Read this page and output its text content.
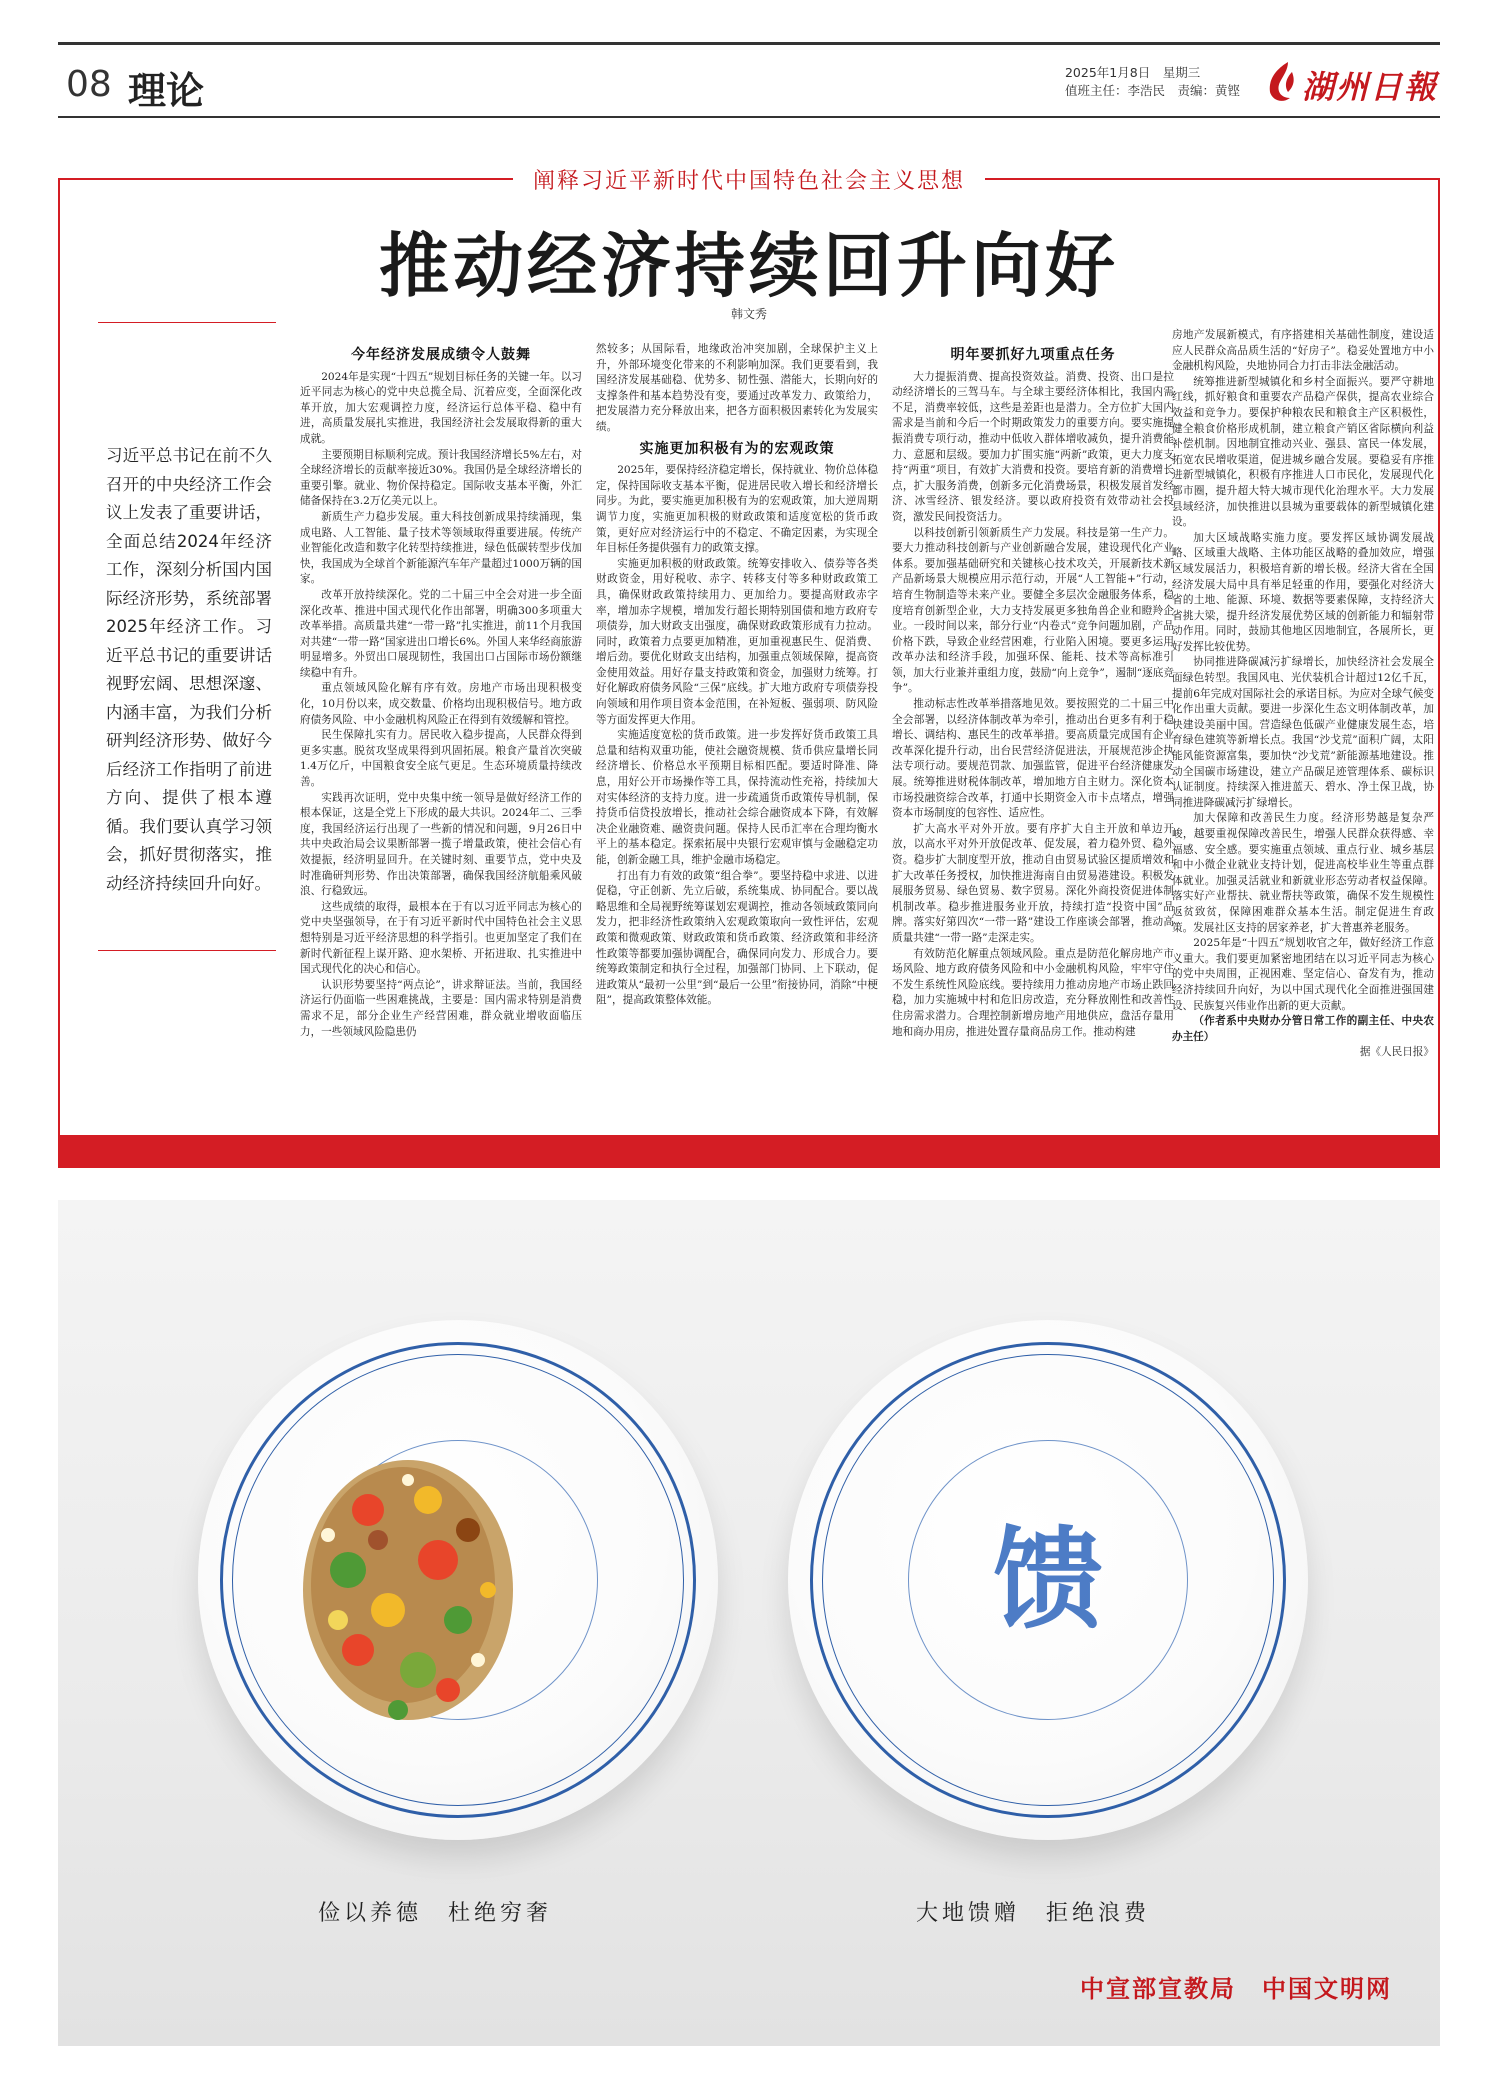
08 理论	2025年1月8日　星期三
值班主任：李浩民　责编：黄铿 湖州日報
阐释习近平新时代中国特色社会主义思想
推动经济持续回升向好
韩文秀
习近平总书记在前不久召开的中央经济工作会议上发表了重要讲话，全面总结2024年经济工作，深刻分析国内国际经济形势，系统部署2025年经济工作。习近平总书记的重要讲话视野宏阔、思想深邃、内涵丰富，为我们分析研判经济形势、做好今后经济工作指明了前进方向、提供了根本遵循。我们要认真学习领会，抓好贯彻落实，推动经济持续回升向好。
今年经济发展成绩令人鼓舞

2024年是实现“十四五”规划目标任务的关键一年。以习近平同志为核心的党中央总揽全局、沉着应变，全面深化改革开放，加大宏观调控力度，经济运行总体平稳、稳中有进，高质量发展扎实推进，我国经济社会发展取得新的重大成就。

主要预期目标顺利完成。预计我国经济增长5%左右，对全球经济增长的贡献率接近30%。我国仍是全球经济增长的重要引擎。就业、物价保持稳定。国际收支基本平衡，外汇储备保持在3.2万亿美元以上。

新质生产力稳步发展。重大科技创新成果持续涌现，集成电路、人工智能、量子技术等领域取得重要进展。传统产业智能化改造和数字化转型持续推进，绿色低碳转型步伐加快，我国成为全球首个新能源汽车年产量超过1000万辆的国家。

改革开放持续深化。党的二十届三中全会对进一步全面深化改革、推进中国式现代化作出部署，明确300多项重大改革举措。高质量共建“一带一路”扎实推进，前11个月我国对共建“一带一路”国家进出口增长6%。外国人来华经商旅游明显增多。外贸出口展现韧性，我国出口占国际市场份额继续稳中有升。

重点领域风险化解有序有效。房地产市场出现积极变化，10月份以来，成交数量、价格均出现积极信号。地方政府债务风险、中小金融机构风险正在得到有效缓解和管控。

民生保障扎实有力。居民收入稳步提高，人民群众得到更多实惠。脱贫攻坚成果得到巩固拓展。粮食产量首次突破1.4万亿斤，中国粮食安全底气更足。生态环境质量持续改善。

实践再次证明，党中央集中统一领导是做好经济工作的根本保证，这是全党上下形成的最大共识。2024年二、三季度，我国经济运行出现了一些新的情况和问题，9月26日中共中央政治局会议果断部署一揽子增量政策，使社会信心有效提振，经济明显回升。在关键时刻、重要节点，党中央及时准确研判形势、作出决策部署，确保我国经济航船乘风破浪、行稳致远。

这些成绩的取得，最根本在于有以习近平同志为核心的党中央坚强领导，在于有习近平新时代中国特色社会主义思想特别是习近平经济思想的科学指引。也更加坚定了我们在新时代新征程上谋开路、迎水架桥、开拓进取、扎实推进中国式现代化的决心和信心。

认识形势要坚持“两点论”，讲求辩证法。当前，我国经济运行仍面临一些困难挑战，主要是：国内需求特别是消费需求不足，部分企业生产经营困难，群众就业增收面临压力，一些领域风险隐患仍

然较多；从国际看，地缘政治冲突加剧，全球保护主义上升，外部环境变化带来的不利影响加深。我们更要看到，我国经济发展基础稳、优势多、韧性强、潜能大，长期向好的支撑条件和基本趋势没有变，要通过改革发力、政策给力，把发展潜力充分释放出来，把各方面积极因素转化为发展实绩。

实施更加积极有为的宏观政策

2025年，要保持经济稳定增长，保持就业、物价总体稳定，保持国际收支基本平衡，促进居民收入增长和经济增长同步。为此，要实施更加积极有为的宏观政策，加大逆周期调节力度，实施更加积极的财政政策和适度宽松的货币政策，更好应对经济运行中的不稳定、不确定因素，为实现全年目标任务提供强有力的政策支撑。

实施更加积极的财政政策。统筹安排收入、债券等各类财政资金，用好税收、赤字、转移支付等多种财政政策工具，确保财政政策持续用力、更加给力。要提高财政赤字率，增加赤字规模，增加发行超长期特别国债和地方政府专项债券，加大财政支出强度，确保财政政策形成有力拉动。同时，政策着力点要更加精准，更加重视惠民生、促消费、增后劲。要优化财政支出结构，加强重点领域保障，提高资金使用效益。用好存量支持政策和资金，加强财力统筹。打好化解政府债务风险“三保”底线。扩大地方政府专项债券投向领域和用作项目资本金范围，在补短板、强弱项、防风险等方面发挥更大作用。

实施适度宽松的货币政策。进一步发挥好货币政策工具总量和结构双重功能，使社会融资规模、货币供应量增长同经济增长、价格总水平预期目标相匹配。要适时降准、降息，用好公开市场操作等工具，保持流动性充裕，持续加大对实体经济的支持力度。进一步疏通货币政策传导机制，保持货币信贷投放增长，推动社会综合融资成本下降，有效解决企业融资难、融资贵问题。保持人民币汇率在合理均衡水平上的基本稳定。探索拓展中央银行宏观审慎与金融稳定功能，创新金融工具，维护金融市场稳定。

打出有力有效的政策“组合拳”。要坚持稳中求进、以进促稳，守正创新、先立后破，系统集成、协同配合。要以战略思维和全局视野统筹谋划宏观调控，推动各领域政策同向发力，把非经济性政策纳入宏观政策取向一致性评估，宏观政策和微观政策、财政政策和货币政策、经济政策和非经济性政策等都要加强协调配合，确保同向发力、形成合力。要统筹政策制定和执行全过程，加强部门协同、上下联动，促进政策从“最初一公里”到“最后一公里”衔接协同，消除“中梗阻”，提高政策整体效能。

明年要抓好九项重点任务

大力提振消费、提高投资效益。消费、投资、出口是拉动经济增长的三驾马车。与全球主要经济体相比，我国内需不足，消费率较低，这些是差距也是潜力。全方位扩大国内需求是当前和今后一个时期政策发力的重要方向。要实施提振消费专项行动，推动中低收入群体增收减负，提升消费能力、意愿和层级。要加力扩围实施“两新”政策，更大力度支持“两重”项目，有效扩大消费和投资。要培育新的消费增长点，扩大服务消费，创新多元化消费场景，积极发展首发经济、冰雪经济、银发经济。要以政府投资有效带动社会投资，激发民间投资活力。

以科技创新引领新质生产力发展。科技是第一生产力。要大力推动科技创新与产业创新融合发展，建设现代化产业体系。要加强基础研究和关键核心技术攻关，开展新技术新产品新场景大规模应用示范行动，开展“人工智能+”行动，培育生物制造等未来产业。要健全多层次金融服务体系，稳度培育创新型企业，大力支持发展更多独角兽企业和瞪羚企业。一段时间以来，部分行业“内卷式”竞争问题加剧，产品价格下跌，导致企业经营困难，行业陷入困境。要更多运用改革办法和经济手段，加强环保、能耗、技术等高标准引领，加大行业兼并重组力度，鼓励“向上竞争”，遏制“逐底竞争”。

推动标志性改革举措落地见效。要按照党的二十届三中全会部署，以经济体制改革为牵引，推动出台更多有利于稳增长、调结构、惠民生的改革举措。要高质量完成国有企业改革深化提升行动，出台民营经济促进法，开展规范涉企执法专项行动。要规范罚款、加强监管，促进平台经济健康发展。统筹推进财税体制改革，增加地方自主财力。深化资本市场投融资综合改革，打通中长期资金入市卡点堵点，增强资本市场制度的包容性、适应性。

扩大高水平对外开放。要有序扩大自主开放和单边开放，以高水平对外开放促改革、促发展，着力稳外贸、稳外资。稳步扩大制度型开放，推动自由贸易试验区提质增效和扩大改革任务授权，加快推进海南自由贸易港建设。积极发展服务贸易、绿色贸易、数字贸易。深化外商投资促进体制机制改革。稳步推进服务业开放，持续打造“投资中国”品牌。落实好第四次“一带一路”建设工作座谈会部署，推动高质量共建“一带一路”走深走实。

有效防范化解重点领域风险。重点是防范化解房地产市场风险、地方政府债务风险和中小金融机构风险，牢牢守住不发生系统性风险底线。要持续用力推动房地产市场止跌回稳，加力实施城中村和危旧房改造，充分释放刚性和改善性住房需求潜力。合理控制新增房地产用地供应，盘活存量用地和商办用房，推进处置存量商品房工作。推动构建

房地产发展新模式，有序搭建相关基础性制度，建设适应人民群众高品质生活的“好房子”。稳妥处置地方中小金融机构风险，央地协同合力打击非法金融活动。

统筹推进新型城镇化和乡村全面振兴。要严守耕地红线，抓好粮食和重要农产品稳产保供，提高农业综合效益和竞争力。要保护种粮农民和粮食主产区积极性，健全粮食价格形成机制，建立粮食产销区省际横向利益补偿机制。因地制宜推动兴业、强县、富民一体发展，拓宽农民增收渠道，促进城乡融合发展。要稳妥有序推进新型城镇化，积极有序推进人口市民化，发展现代化都市圈，提升超大特大城市现代化治理水平。大力发展县域经济，加快推进以县城为重要载体的新型城镇化建设。

加大区域战略实施力度。要发挥区域协调发展战略、区域重大战略、主体功能区战略的叠加效应，增强区域发展活力，积极培育新的增长极。经济大省在全国经济发展大局中具有举足轻重的作用，要强化对经济大省的土地、能源、环境、数据等要素保障，支持经济大省挑大梁，提升经济发展优势区域的创新能力和辐射带动作用。同时，鼓励其他地区因地制宜，各展所长，更好发挥比较优势。

协同推进降碳减污扩绿增长，加快经济社会发展全面绿色转型。我国风电、光伏装机合计超过12亿千瓦，提前6年完成对国际社会的承诺目标。为应对全球气候变化作出重大贡献。要进一步深化生态文明体制改革，加快建设美丽中国。营造绿色低碳产业健康发展生态，培育绿色建筑等新增长点。我国“沙戈荒”面积广阔，太阳能风能资源富集，要加快“沙戈荒”新能源基地建设。推动全国碳市场建设，建立产品碳足迹管理体系、碳标识认证制度。持续深入推进蓝天、碧水、净土保卫战，协同推进降碳减污扩绿增长。

加大保障和改善民生力度。经济形势越是复杂严峻，越要重视保障改善民生，增强人民群众获得感、幸福感、安全感。要实施重点领域、重点行业、城乡基层和中小微企业就业支持计划，促进高校毕业生等重点群体就业。加强灵活就业和新就业形态劳动者权益保障。落实好产业帮扶、就业帮扶等政策，确保不发生规模性返贫致贫，保障困难群众基本生活。制定促进生育政策。发展社区支持的居家养老，扩大普惠养老服务。

2025年是“十四五”规划收官之年，做好经济工作意义重大。我们要更加紧密地团结在以习近平同志为核心的党中央周围，正视困难、坚定信心、奋发有为，推动经济持续回升向好，为以中国式现代化全面推进强国建设、民族复兴伟业作出新的更大贡献。

（作者系中央财办分管日常工作的副主任、中央农办主任）

据《人民日报》

馈
俭以养德　杜绝穷奢	大地馈赠　拒绝浪费
中宣部宣教局　中国文明网
